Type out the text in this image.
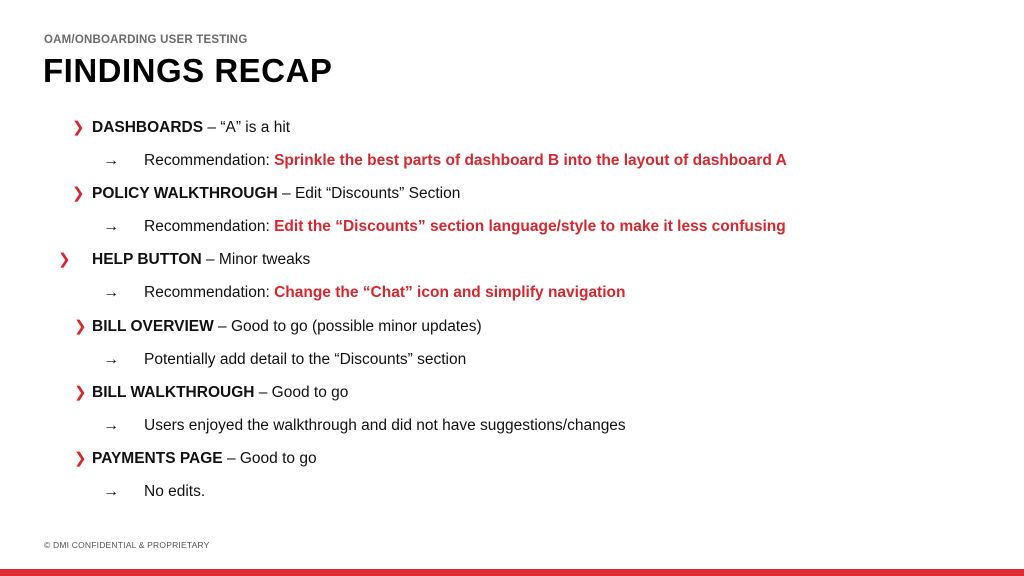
OAM/ONBOARDING USER TESTING
FINDINGS RECAP
❯ DASHBOARDS – “A” is a hit
→ Recommendation: Sprinkle the best parts of dashboard B into the layout of dashboard A
❯ POLICY WALKTHROUGH – Edit “Discounts” Section
→ Recommendation: Edit the “Discounts” section language/style to make it less confusing
❯ HELP BUTTON – Minor tweaks
→ Recommendation: Change the “Chat” icon and simplify navigation
❯ BILL OVERVIEW – Good to go (possible minor updates)
→ Potentially add detail to the “Discounts” section
❯ BILL WALKTHROUGH – Good to go
→ Users enjoyed the walkthrough and did not have suggestions/changes
❯ PAYMENTS PAGE – Good to go
→ No edits.
© DMI CONFIDENTIAL & PROPRIETARY
